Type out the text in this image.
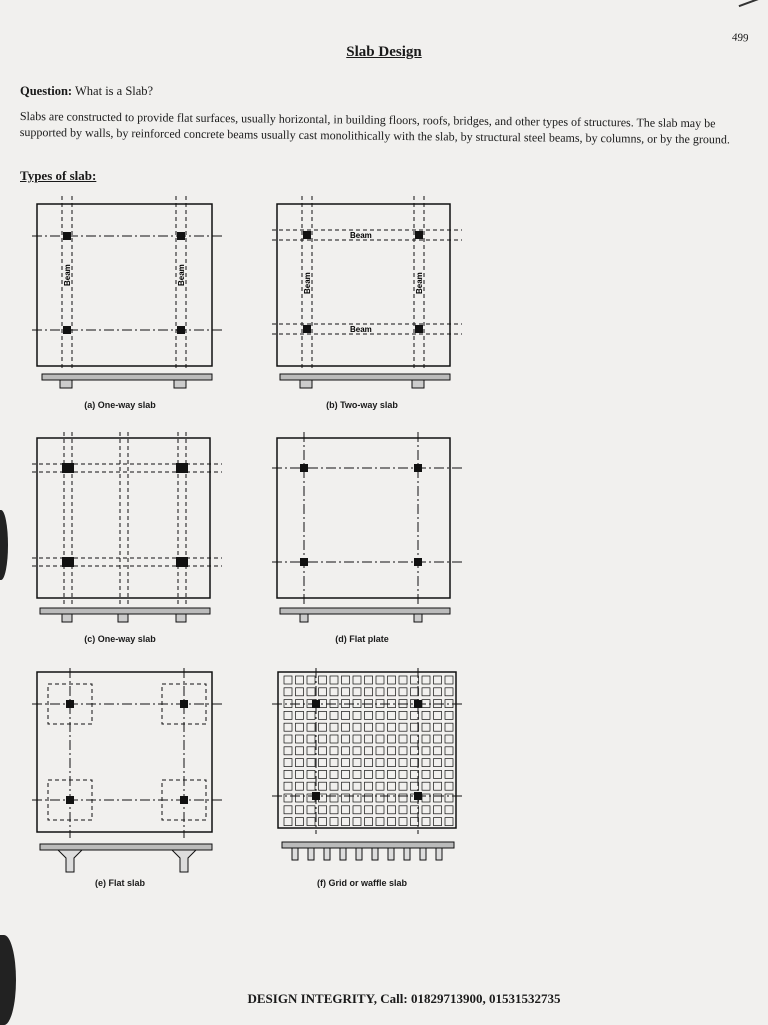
499
Slab Design
Question: What is a Slab?
Slabs are constructed to provide flat surfaces, usually horizontal, in building floors, roofs, bridges, and other types of structures. The slab may be supported by walls, by reinforced concrete beams usually cast monolithically with the slab, by structural steel beams, by columns, or by the ground.
Types of slab:
Beam	Beam
(a) One-way slab
Beam
Beam
Beam	Beam
(b) Two-way slab
(c) One-way slab	(d) Flat plate
(e) Flat slab	(f) Grid or waffle slab
DESIGN INTEGRITY, Call: 01829713900, 01531532735
